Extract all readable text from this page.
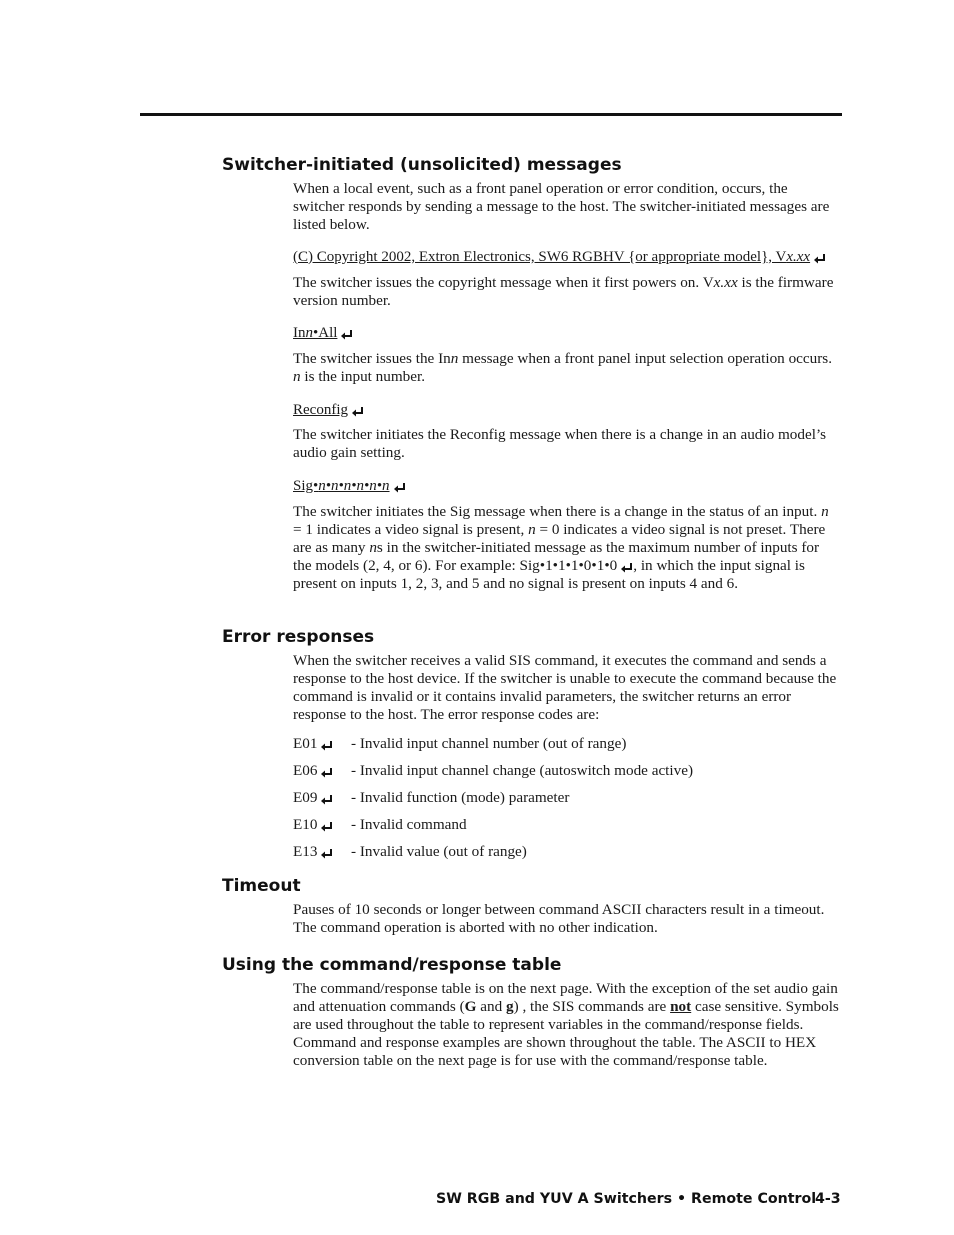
Switcher-initiated (unsolicited) messages

When a local event, such as a front panel operation or error condition, occurs, the switcher responds by sending a message to the host. The switcher-initiated messages are listed below.

(C) Copyright 2002, Extron Electronics, SW6 RGBHV {or appropriate model}, Vx.xx

The switcher issues the copyright message when it first powers on. Vx.xx is the firmware version number.

Inn•All

The switcher issues the Inn message when a front panel input selection operation occurs. n is the input number.

Reconfig

The switcher initiates the Reconfig message when there is a change in an audio model’s audio gain setting.

Sig•n•n•n•n•n•n

The switcher initiates the Sig message when there is a change in the status of an input. n = 1 indicates a video signal is present, n = 0 indicates a video signal is not preset. There are as many ns in the switcher-initiated message as the maximum number of inputs for the models (2, 4, or 6). For example: Sig•1•1•1•0•1•0 , in which the input signal is present on inputs 1, 2, 3, and 5 and no signal is present on inputs 4 and 6.

Error responses

When the switcher receives a valid SIS command, it executes the command and sends a response to the host device. If the switcher is unable to execute the command because the command is invalid or it contains invalid parameters, the switcher returns an error response to the host. The error response codes are:

E01 - Invalid input channel number (out of range)

E06 - Invalid input channel change (autoswitch mode active)

E09 - Invalid function (mode) parameter

E10 - Invalid command

E13 - Invalid value (out of range)

Timeout

Pauses of 10 seconds or longer between command ASCII characters result in a timeout. The command operation is aborted with no other indication.

Using the command/response table

The command/response table is on the next page. With the exception of the set audio gain and attenuation commands (G and g) , the SIS commands are not case sensitive. Symbols are used throughout the table to represent variables in the command/response fields. Command and response examples are shown throughout the table. The ASCII to HEX conversion table on the next page is for use with the command/response table.

SW RGB and YUV A Switchers • Remote Control

4-3
